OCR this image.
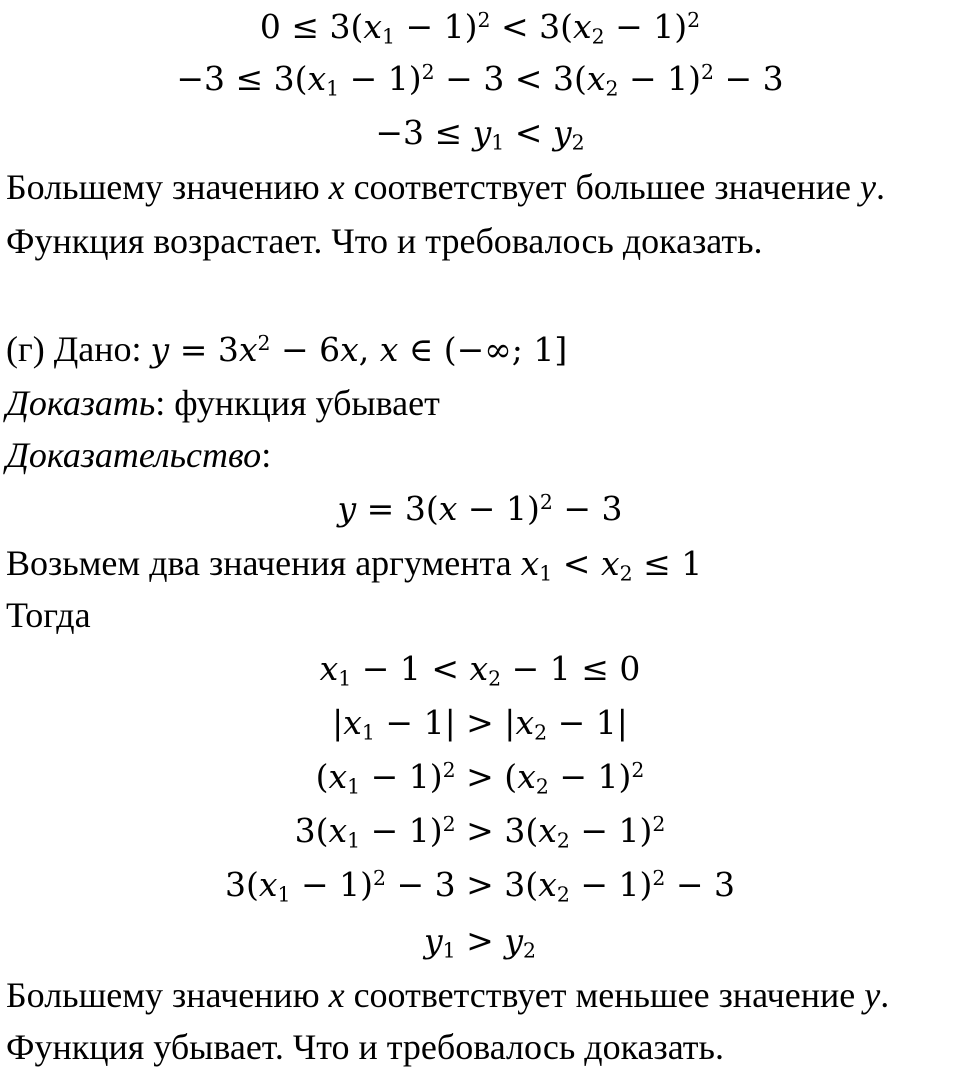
$0 \le 3(x_1 - 1)^2 < 3(x_2 - 1)^2$
$-3 \le 3(x_1 - 1)^2 - 3 < 3(x_2 - 1)^2 - 3$
$-3 \le y_1 < y_2$
Большему значению x соответствует большее значение y.
Функция возрастает. Что и требовалось доказать.
(г) Дано: $y = 3x^2 - 6x$, x ∈ (−∞; 1]
Доказать: функция убывает
Доказательство:
$y = 3(x - 1)^2 - 3$
Возьмем два значения аргумента $x_1 < x_2 \le 1$
Тогда
$x_1 - 1 < x_2 - 1 \le 0$
$|x_1 - 1| > |x_2 - 1|$
$(x_1 - 1)^2 > (x_2 - 1)^2$
$3(x_1 - 1)^2 > 3(x_2 - 1)^2$
$3(x_1 - 1)^2 - 3 > 3(x_2 - 1)^2 - 3$
$y_1 > y_2$
Большему значению x соответствует меньшее значение y.
Функция убывает. Что и требовалось доказать.
